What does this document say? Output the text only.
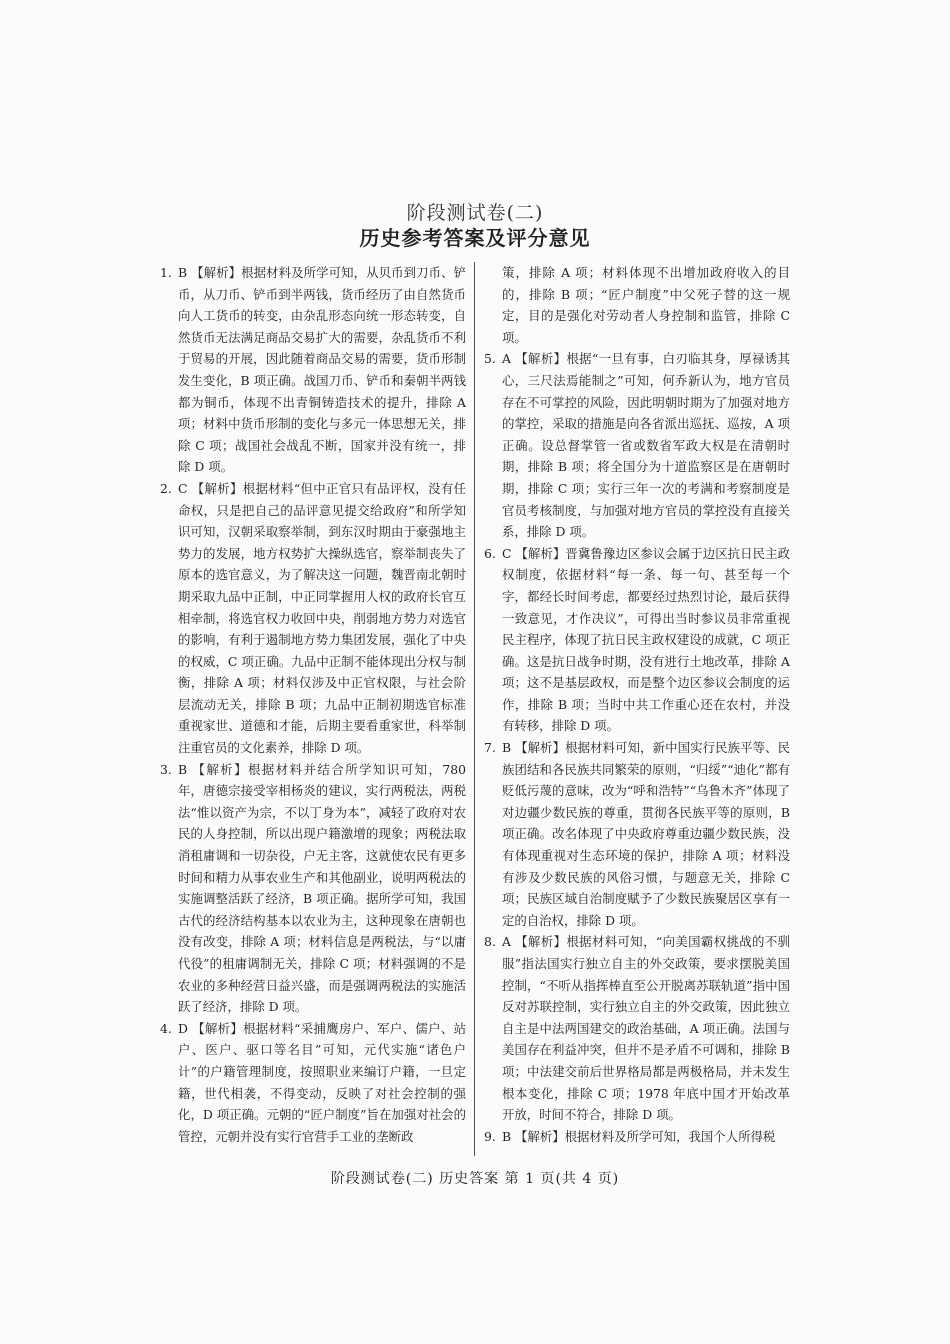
阶段测试卷(二)
历史参考答案及评分意见
1. B 【解析】根据材料及所学可知，从贝币到刀币、铲币，从刀币、铲币到半两钱，货币经历了由自然货币向人工货币的转变，由杂乱形态向统一形态转变，自然货币无法满足商品交易扩大的需要，杂乱货币不利于贸易的开展，因此随着商品交易的需要，货币形制发生变化，B 项正确。战国刀币、铲币和秦朝半两钱都为铜币，体现不出青铜铸造技术的提升，排除 A 项；材料中货币形制的变化与多元一体思想无关，排除 C 项；战国社会战乱不断，国家并没有统一，排除 D 项。
2. C 【解析】根据材料“但中正官只有品评权，没有任命权，只是把自己的品评意见提交给政府”和所学知识可知，汉朝采取察举制，到东汉时期由于豪强地主势力的发展，地方权势扩大操纵选官，察举制丧失了原本的选官意义，为了解决这一问题，魏晋南北朝时期采取九品中正制，中正同掌握用人权的政府长官互相牵制，将选官权力收回中央，削弱地方势力对选官的影响，有利于遏制地方势力集团发展，强化了中央的权威，C 项正确。九品中正制不能体现出分权与制衡，排除 A 项；材料仅涉及中正官权限，与社会阶层流动无关，排除 B 项；九品中正制初期选官标准重视家世、道德和才能，后期主要看重家世，科举制注重官员的文化素养，排除 D 项。
3. B 【解析】根据材料并结合所学知识可知，780 年，唐德宗接受宰相杨炎的建议，实行两税法，两税法“惟以资产为宗，不以丁身为本”，减轻了政府对农民的人身控制，所以出现户籍激增的现象；两税法取消租庸调和一切杂役，户无主客，这就使农民有更多时间和精力从事农业生产和其他副业，说明两税法的实施调整活跃了经济，B 项正确。据所学可知，我国古代的经济结构基本以农业为主，这种现象在唐朝也没有改变，排除 A 项；材料信息是两税法，与“以庸代役”的租庸调制无关，排除 C 项；材料强调的不是农业的多种经营日益兴盛，而是强调两税法的实施活跃了经济，排除 D 项。
4. D 【解析】根据材料“采捕鹰房户、军户、儒户、站户、医户、驱口等名目”可知，元代实施“诸色户计”的户籍管理制度，按照职业来编订户籍，一旦定籍，世代相袭，不得变动，反映了对社会控制的强化，D 项正确。元朝的“匠户制度”旨在加强对社会的管控，元朝并没有实行官营手工业的垄断政
策，排除 A 项；材料体现不出增加政府收入的目的，排除 B 项；“匠户制度”中父死子替的这一规定，目的是强化对劳动者人身控制和监管，排除 C 项。
5. A 【解析】根据“一旦有事，白刃临其身，厚禄诱其心，三尺法焉能制之”可知，何乔新认为，地方官员存在不可掌控的风险，因此明朝时期为了加强对地方的掌控，采取的措施是向各省派出巡抚、巡按，A 项正确。设总督掌管一省或数省军政大权是在清朝时期，排除 B 项；将全国分为十道监察区是在唐朝时期，排除 C 项；实行三年一次的考满和考察制度是官员考核制度，与加强对地方官员的掌控没有直接关系，排除 D 项。
6. C 【解析】晋冀鲁豫边区参议会属于边区抗日民主政权制度，依据材料“每一条、每一句、甚至每一个字，都经长时间考虑，都要经过热烈讨论，最后获得一致意见，才作决议”，可得出当时参议员非常重视民主程序，体现了抗日民主政权建设的成就，C 项正确。这是抗日战争时期，没有进行土地改革，排除 A 项；这不是基层政权，而是整个边区参议会制度的运作，排除 B 项；当时中共工作重心还在农村，并没有转移，排除 D 项。
7. B 【解析】根据材料可知，新中国实行民族平等、民族团结和各民族共同繁荣的原则，“归绥”“迪化”都有贬低污蔑的意味，改为“呼和浩特”“乌鲁木齐”体现了对边疆少数民族的尊重，贯彻各民族平等的原则，B 项正确。改名体现了中央政府尊重边疆少数民族，没有体现重视对生态环境的保护，排除 A 项；材料没有涉及少数民族的风俗习惯，与题意无关，排除 C 项；民族区域自治制度赋予了少数民族聚居区享有一定的自治权，排除 D 项。
8. A 【解析】根据材料可知，“向美国霸权挑战的不驯服”指法国实行独立自主的外交政策，要求摆脱美国控制，“不听从指挥棒直至公开脱离苏联轨道”指中国反对苏联控制，实行独立自主的外交政策，因此独立自主是中法两国建交的政治基础，A 项正确。法国与美国存在利益冲突，但并不是矛盾不可调和，排除 B 项；中法建交前后世界格局都是两极格局，并未发生根本变化，排除 C 项；1978 年底中国才开始改革开放，时间不符合，排除 D 项。
9. B 【解析】根据材料及所学可知，我国个人所得税
阶段测试卷(二) 历史答案 第 1 页(共 4 页)
